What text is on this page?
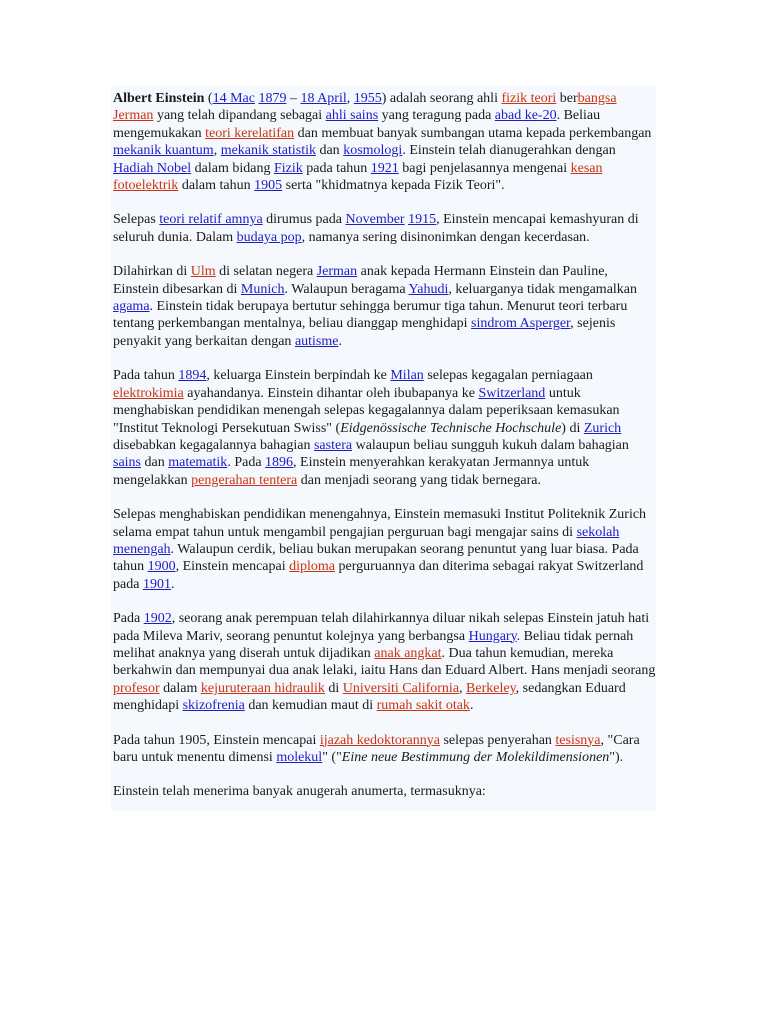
Albert Einstein (14 Mac 1879 – 18 April, 1955) adalah seorang ahli fizik teori berbangsa Jerman yang telah dipandang sebagai ahli sains yang teragung pada abad ke-20. Beliau mengemukakan teori kerelatifan dan membuat banyak sumbangan utama kepada perkembangan mekanik kuantum, mekanik statistik dan kosmologi. Einstein telah dianugerahkan dengan Hadiah Nobel dalam bidang Fizik pada tahun 1921 bagi penjelasannya mengenai kesan fotoelektrik dalam tahun 1905 serta "khidmatnya kepada Fizik Teori".

Selepas teori relatif amnya dirumus pada November 1915, Einstein mencapai kemashyuran di seluruh dunia. Dalam budaya pop, namanya sering disinonimkan dengan kecerdasan.

Dilahirkan di Ulm di selatan negera Jerman anak kepada Hermann Einstein dan Pauline, Einstein dibesarkan di Munich. Walaupun beragama Yahudi, keluarganya tidak mengamalkan agama. Einstein tidak berupaya bertutur sehingga berumur tiga tahun. Menurut teori terbaru tentang perkembangan mentalnya, beliau dianggap menghidapi sindrom Asperger, sejenis penyakit yang berkaitan dengan autisme.

Pada tahun 1894, keluarga Einstein berpindah ke Milan selepas kegagalan perniagaan elektrokimia ayahandanya. Einstein dihantar oleh ibubapanya ke Switzerland untuk menghabiskan pendidikan menengah selepas kegagalannya dalam peperiksaan kemasukan "Institut Teknologi Persekutuan Swiss" (Eidgenössische Technische Hochschule) di Zurich disebabkan kegagalannya bahagian sastera walaupun beliau sungguh kukuh dalam bahagian sains dan matematik. Pada 1896, Einstein menyerahkan kerakyatan Jermannya untuk mengelakkan pengerahan tentera dan menjadi seorang yang tidak bernegara.

Selepas menghabiskan pendidikan menengahnya, Einstein memasuki Institut Politeknik Zurich selama empat tahun untuk mengambil pengajian perguruan bagi mengajar sains di sekolah menengah. Walaupun cerdik, beliau bukan merupakan seorang penuntut yang luar biasa. Pada tahun 1900, Einstein mencapai diploma perguruannya dan diterima sebagai rakyat Switzerland pada 1901.

Pada 1902, seorang anak perempuan telah dilahirkannya diluar nikah selepas Einstein jatuh hati pada Mileva Mariv, seorang penuntut kolejnya yang berbangsa Hungary. Beliau tidak pernah melihat anaknya yang diserah untuk dijadikan anak angkat. Dua tahun kemudian, mereka berkahwin dan mempunyai dua anak lelaki, iaitu Hans dan Eduard Albert. Hans menjadi seorang profesor dalam kejuruteraan hidraulik di Universiti California, Berkeley, sedangkan Eduard menghidapi skizofrenia dan kemudian maut di rumah sakit otak.

Pada tahun 1905, Einstein mencapai ijazah kedoktorannya selepas penyerahan tesisnya, "Cara baru untuk menentu dimensi molekul" ("Eine neue Bestimmung der Molekildimensionen").

Einstein telah menerima banyak anugerah anumerta, termasuknya:
